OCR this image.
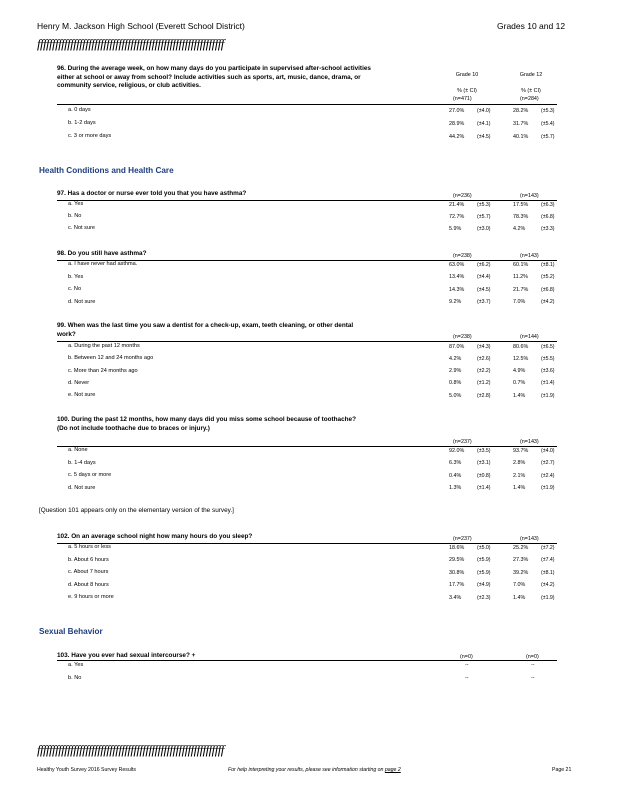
Henry M. Jackson High School (Everett School District)	Grades 10 and 12
ffffffffffffffffffffffffffffffffffffffffffffffffffffffffffffff
96. During the average week, on how many days do you participate in supervised after-school activities either at school or away from school? Include activities such as sports, art, music, dance, drama, or community service, religious, or club activities.
Grade 10	Grade 12
% (± CI)	% (± CI)
(n=471)	(n=284)
a. 0 days	27.0% (±4.0)	28.2% (±5.3)
b. 1-2 days	28.9% (±4.1)	31.7% (±5.4)
c. 3 or more days	44.2% (±4.5)	40.1% (±5.7)
Health Conditions and Health Care
97. Has a doctor or nurse ever told you that you have asthma?	(n=236)	(n=143)
a. Yes	21.4% (±5.3)	17.5% (±6.3)
b. No	72.7% (±5.7)	78.3% (±6.8)
c. Not sure	5.9%	(±3.0)	4.2%	(±3.3)
98. Do you still have asthma?	(n=238)	(n=143)
a. I have never had asthma.	63.0% (±6.2)	60.1% (±8.1)
b. Yes	13.4% (±4.4)	11.2%	(±5.2)
c. No	14.3% (±4.5)	21.7% (±6.8)
d. Not sure	9.2%	(±3.7)	7.0%	(±4.2)
99. When was the last time you saw a dentist for a check-up, exam, teeth cleaning, or other dental work?	(n=238)	(n=144)
a. During the past 12 months	87.0% (±4.3)	80.6% (±6.5)
b. Between 12 and 24 months ago	4.2%	(±2.6)	12.5% (±5.5)
c. More than 24 months ago	2.9%	(±2.2)	4.9%	(±3.6)
d. Never	0.8%	(±1.2)	0.7%	(±1.4)
e. Not sure	5.0%	(±2.8)	1.4%	(±1.9)
100. During the past 12 months, how many days did you miss some school because of toothache? (Do not include toothache due to braces or injury.)
(n=237)	(n=143)
a. None	92.0% (±3.5)	93.7% (±4.0)
b. 1-4 days	6.3%	(±3.1)	2.8%	(±2.7)
c. 5 days or more	0.4%	(±0.8)	2.1%	(±2.4)
d. Not sure	1.3%	(±1.4)	1.4%	(±1.9)
[Question 101 appears only on the elementary version of the survey.]
102. On an average school night how many hours do you sleep?	(n=237)	(n=143)
a. 5 hours or less	18.6% (±5.0)	25.2% (±7.2)
b. About 6 hours	29.5% (±5.9)	27.3% (±7.4)
c. About 7 hours	30.8% (±5.9)	39.2% (±8.1)
d. About 8 hours	17.7% (±4.9)	7.0%	(±4.2)
e. 9 hours or more	3.4%	(±2.3)	1.4%	(±1.9)
Sexual Behavior
103. Have you ever had sexual intercourse? +	(n=0)	(n=0)
a. Yes	--	--
b. No	--	--
ffffffffffffffffffffffffffffffffffffffffffffffffffffffffffffff
Healthy Youth Survey 2016 Survey Results	For help interpreting your results, please see information starting on page 2	Page 21
